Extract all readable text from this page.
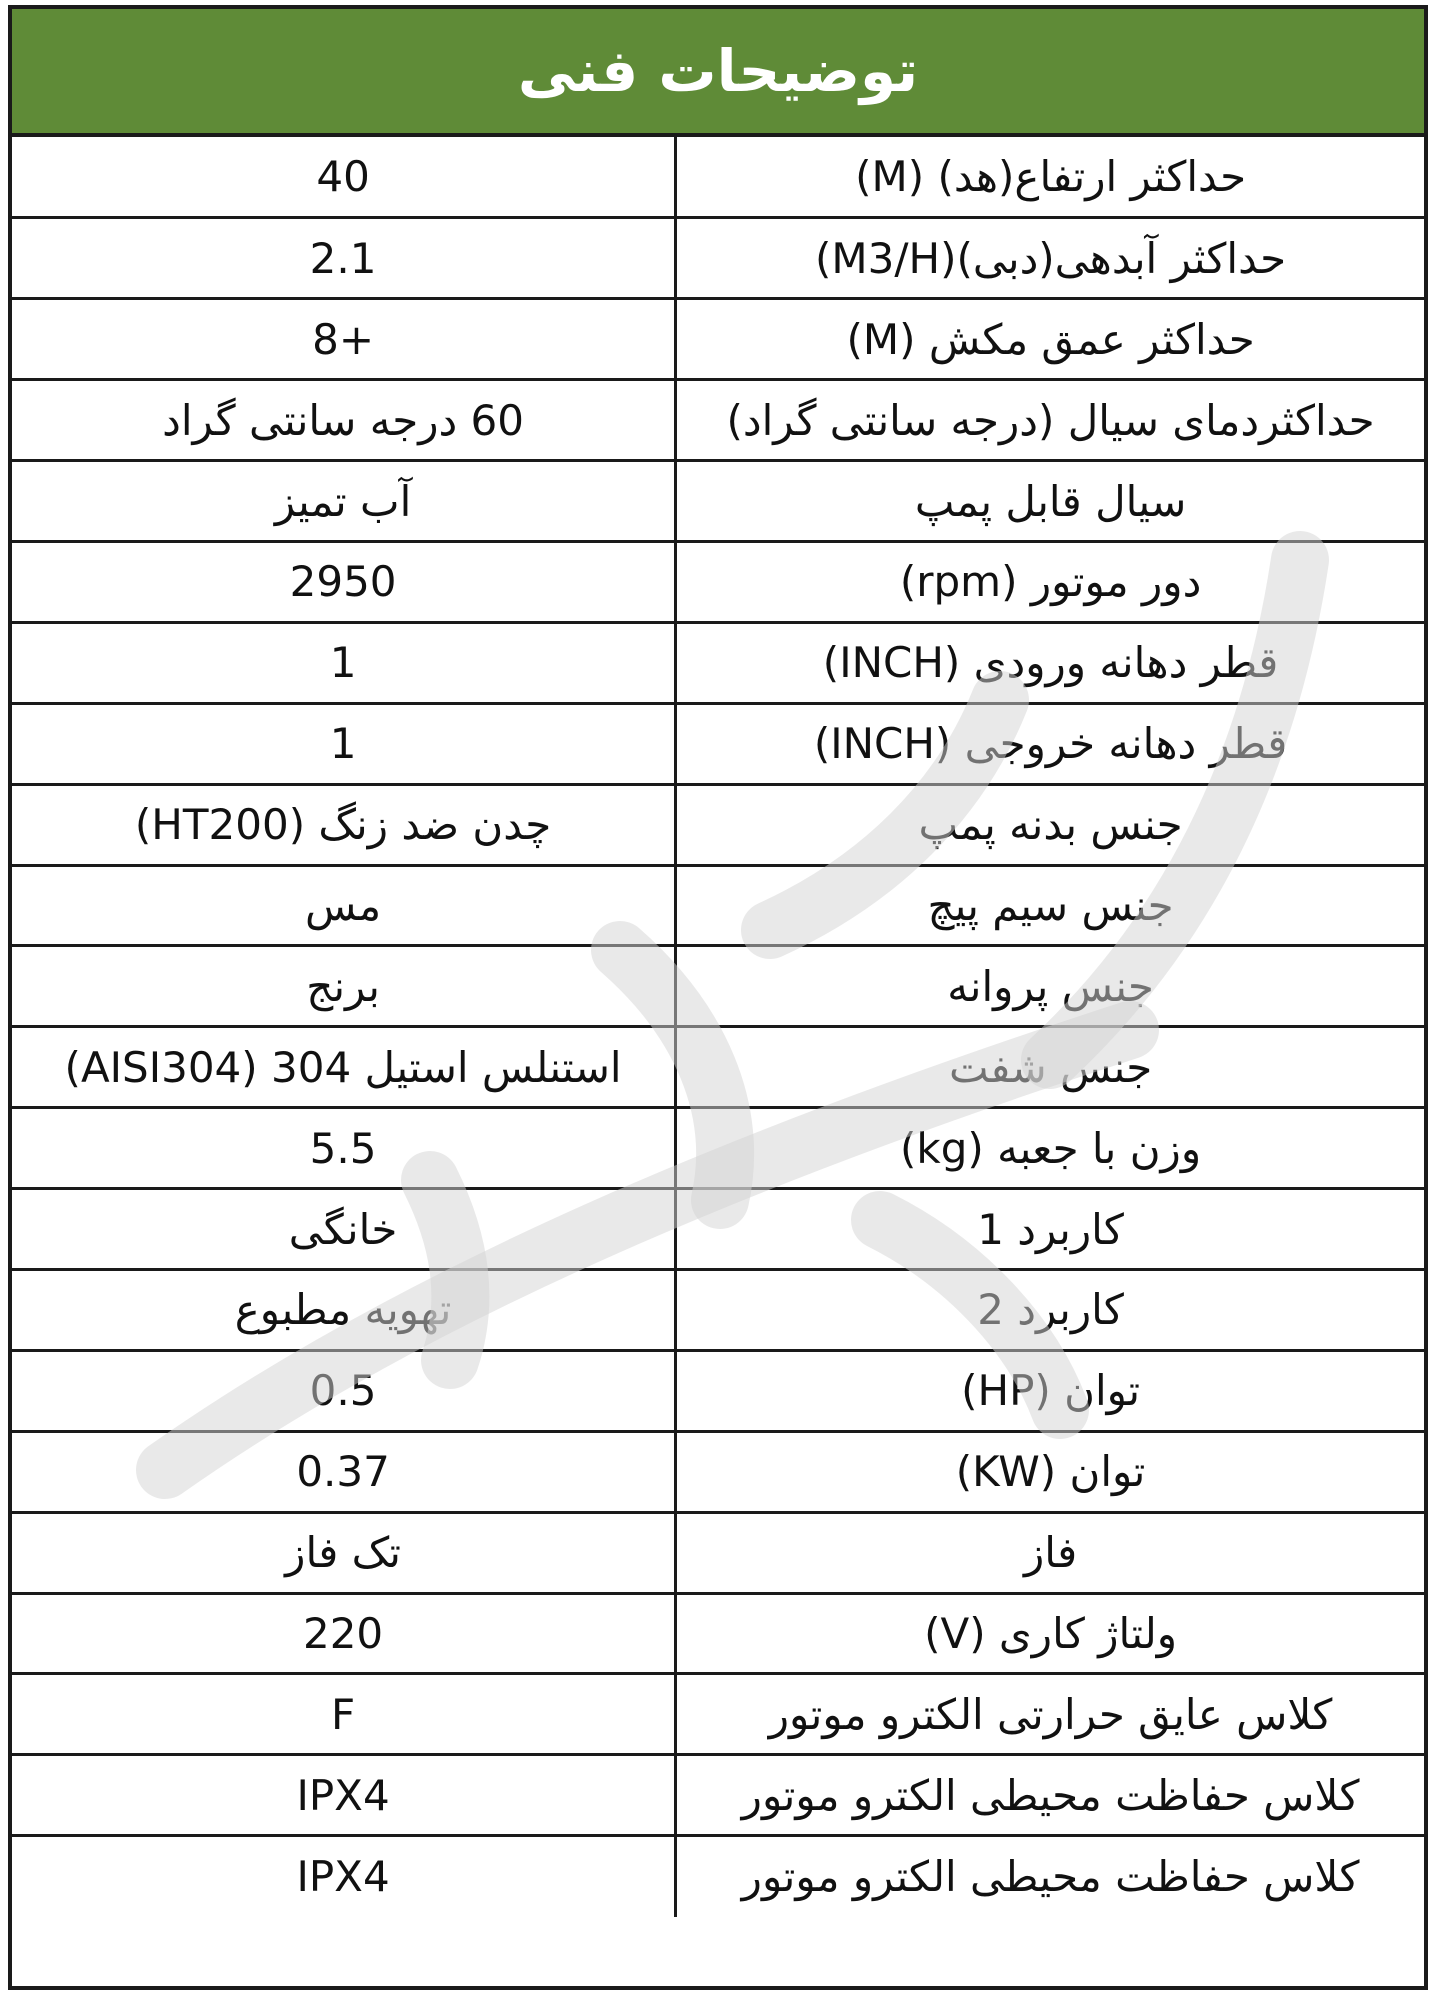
توضیحات فنی
حداکثر ارتفاع(هد) (M)	40
حداکثر آبدهی(دبی)(M3/H)	2.1
حداکثر عمق مکش (M)	+8
حداکثردمای سیال (درجه سانتی گراد)	60 درجه سانتی گراد
سیال قابل پمپ	آب تمیز
دور موتور (rpm)	2950
قطر دهانه ورودی (INCH)	1
قطر دهانه خروجی (INCH)	1
جنس بدنه پمپ	چدن ضد زنگ (HT200)
جنس سیم پیچ	مس
جنس پروانه	برنج
جنس شفت	استنلس استیل 304 (AISI304)
وزن با جعبه (kg)	5.5
کاربرد 1	خانگی
کاربرد 2	تهویه مطبوع
توان (HP)	0.5
توان (KW)	0.37
فاز	تک فاز
ولتاژ کاری (V)	220
کلاس عایق حرارتی الکترو موتور	F
کلاس حفاظت محیطی الکترو موتور	IPX4
کلاس حفاظت محیطی الکترو موتور	IPX4
